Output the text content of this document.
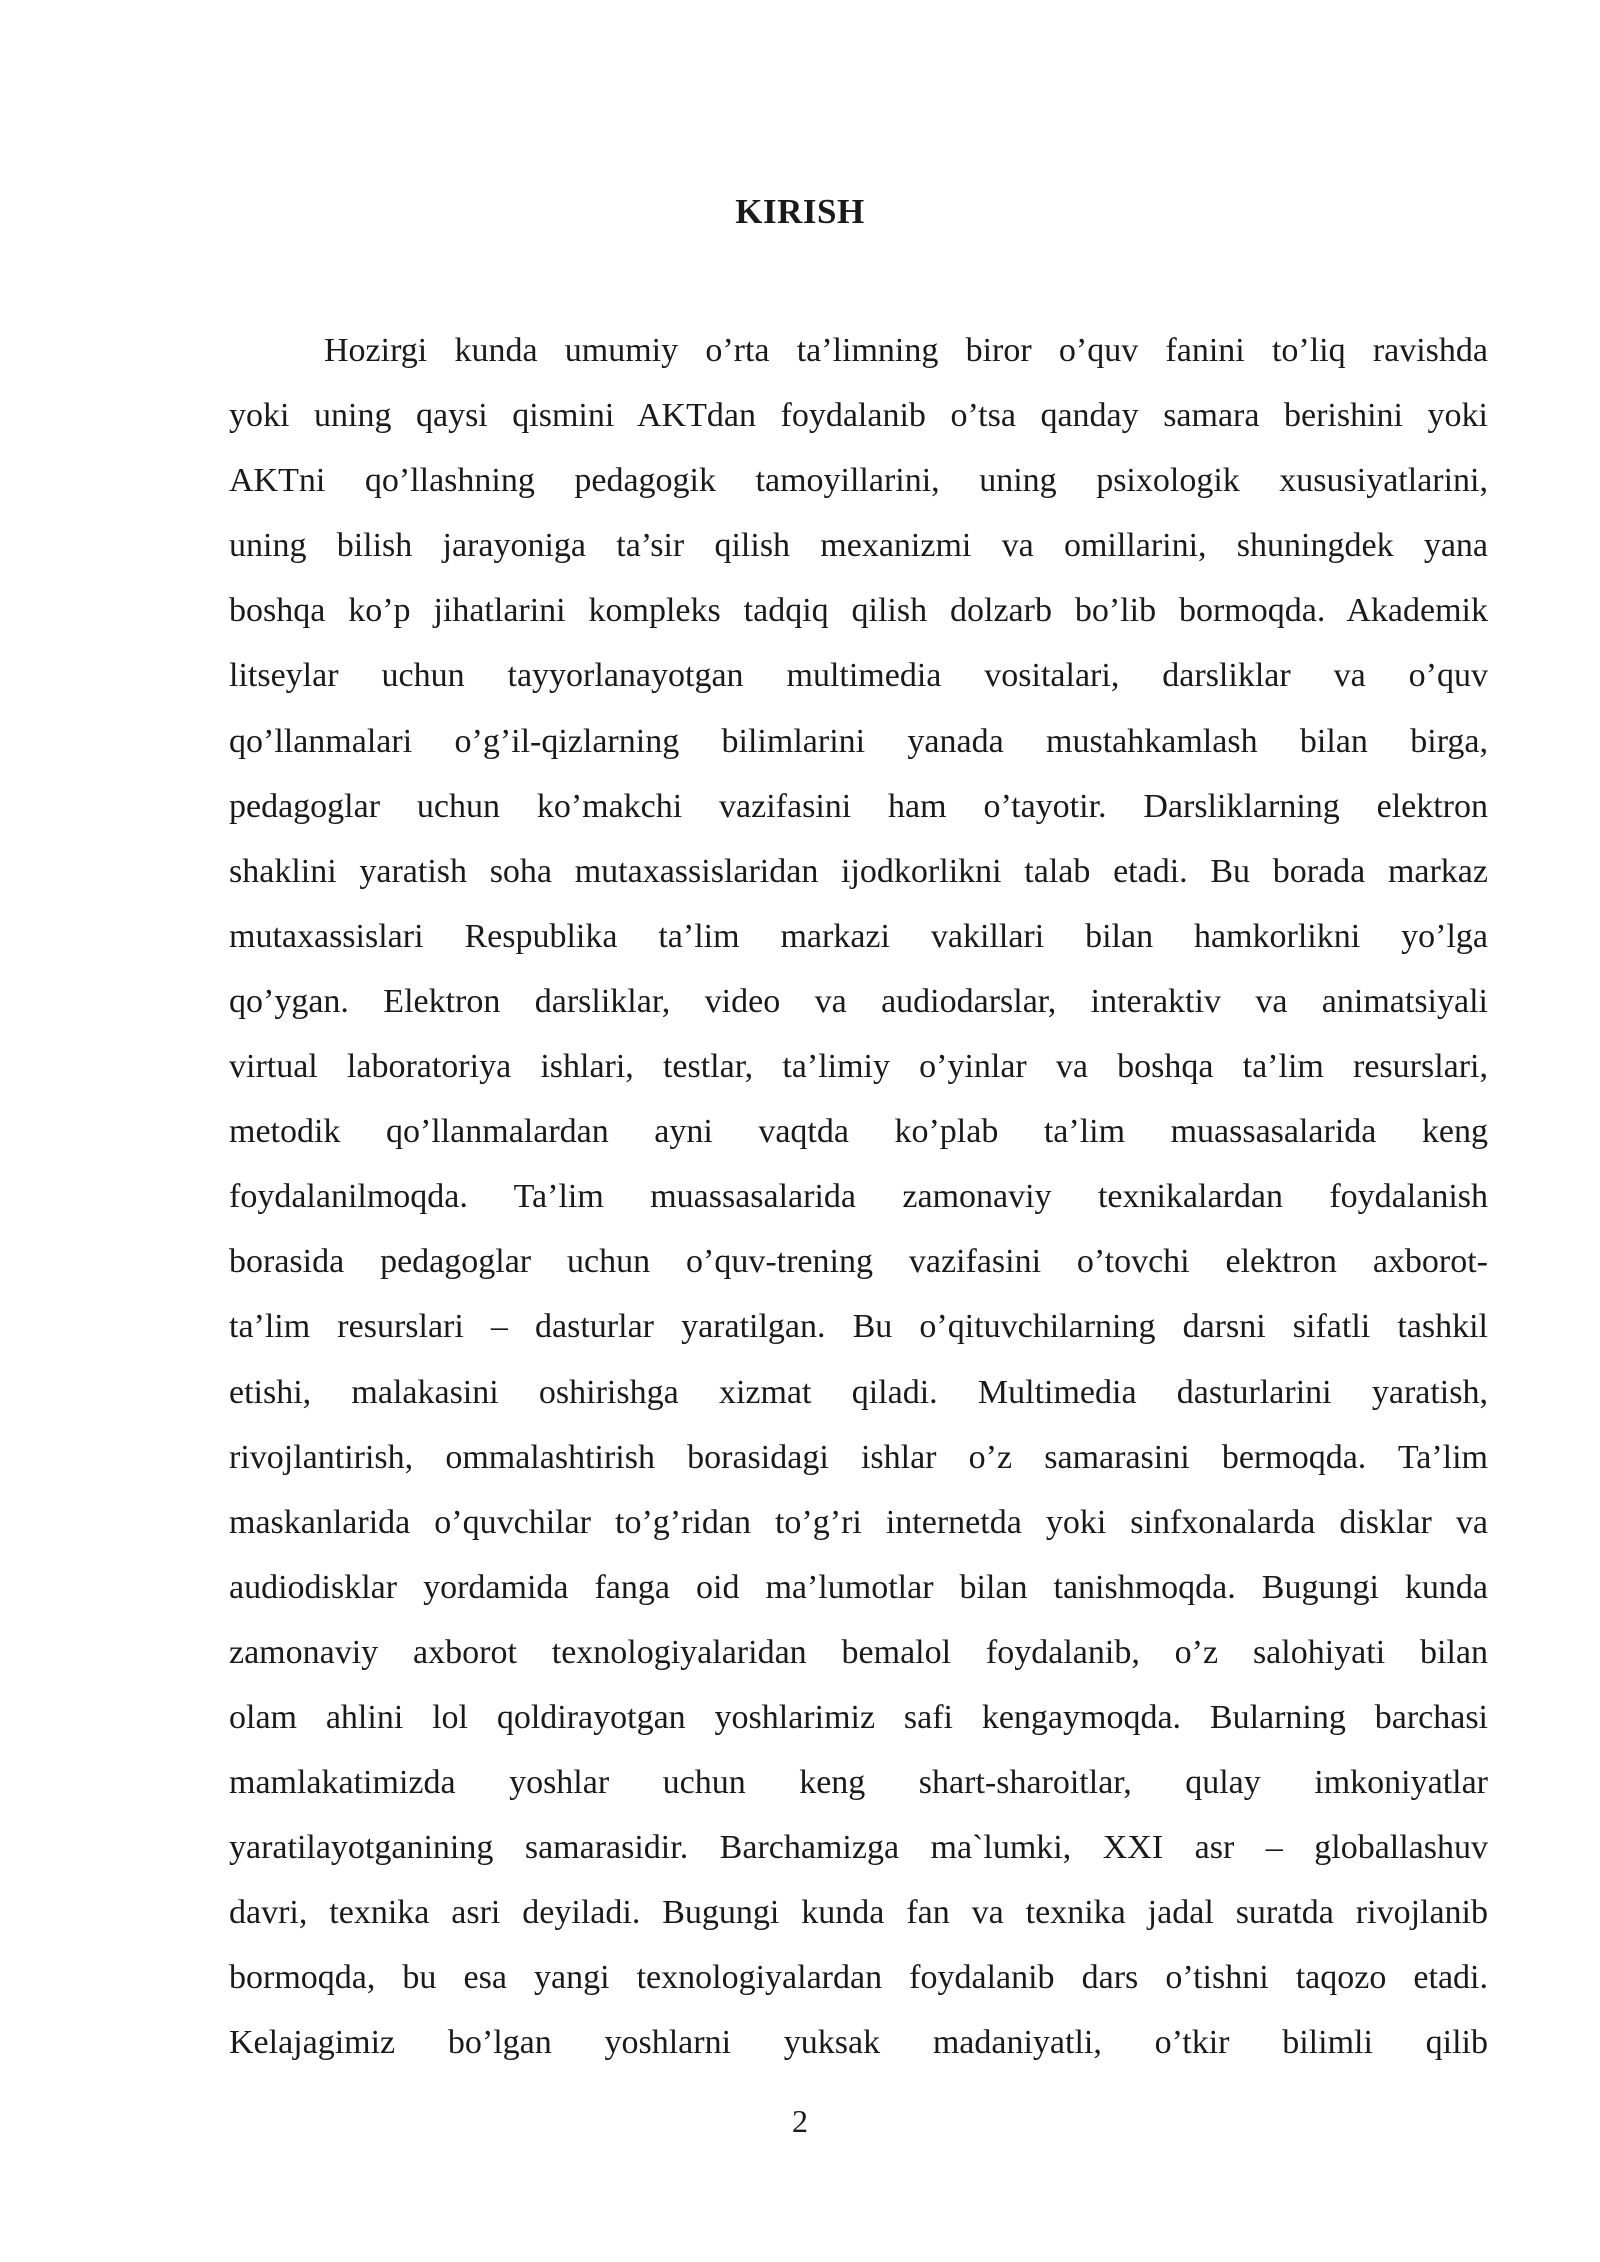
KIRISH
Hozirgi kunda umumiy o’rta ta’limning biror o’quv fanini to’liq ravishda
yoki uning qaysi qismini AKTdan foydalanib o’tsa qanday samara berishini yoki
AKTni qo’llashning pedagogik tamoyillarini, uning psixologik xususiyatlarini,
uning bilish jarayoniga ta’sir qilish mexanizmi va omillarini, shuningdek yana
boshqa ko’p jihatlarini kompleks tadqiq qilish dolzarb bo’lib bormoqda. Akademik
litseylar uchun tayyorlanayotgan multimedia vositalari, darsliklar va o’quv
qo’llanmalari o’g’il-qizlarning bilimlarini yanada mustahkamlash bilan birga,
pedagoglar uchun ko’makchi vazifasini ham o’tayotir. Darsliklarning elektron
shaklini yaratish soha mutaxassislaridan ijodkorlikni talab etadi. Bu borada markaz
mutaxassislari Respublika ta’lim markazi vakillari bilan hamkorlikni yo’lga
qo’ygan. Elektron darsliklar, video va audiodarslar, interaktiv va animatsiyali
virtual laboratoriya ishlari, testlar, ta’limiy o’yinlar va boshqa ta’lim resurslari,
metodik qo’llanmalardan ayni vaqtda ko’plab ta’lim muassasalarida keng
foydalanilmoqda. Ta’lim muassasalarida zamonaviy texnikalardan foydalanish
borasida pedagoglar uchun o’quv-trening vazifasini o’tovchi elektron axborot-
ta’lim resurslari – dasturlar yaratilgan. Bu o’qituvchilarning darsni sifatli tashkil
etishi, malakasini oshirishga xizmat qiladi. Multimedia dasturlarini yaratish,
rivojlantirish, ommalashtirish borasidagi ishlar o’z samarasini bermoqda. Ta’lim
maskanlarida o’quvchilar to’g’ridan to’g’ri internetda yoki sinfxonalarda disklar va
audiodisklar yordamida fanga oid ma’lumotlar bilan tanishmoqda. Bugungi kunda
zamonaviy axborot texnologiyalaridan bemalol foydalanib, o’z salohiyati bilan
olam ahlini lol qoldirayotgan yoshlarimiz safi kengaymoqda. Bularning barchasi
mamlakatimizda yoshlar uchun keng shart-sharoitlar, qulay imkoniyatlar
yaratilayotganining samarasidir. Barchamizga ma`lumki, XXI asr – globallashuv
davri, texnika asri deyiladi. Bugungi kunda fan va texnika jadal suratda rivojlanib
bormoqda, bu esa yangi texnologiyalardan foydalanib dars o’tishni taqozo etadi.
Kelajagimiz bo’lgan yoshlarni yuksak madaniyatli, o’tkir bilimli qilib
2
